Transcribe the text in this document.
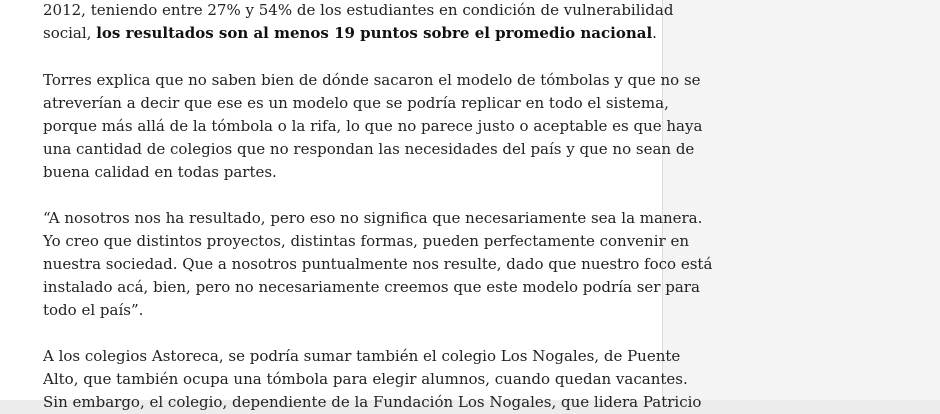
2012, teniendo entre 27% y 54% de los estudiantes en condición de vulnerabilidad
social, los resultados son al menos 19 puntos sobre el promedio nacional.

Torres explica que no saben bien de dónde sacaron el modelo de tómbolas y que no se
atreverían a decir que ese es un modelo que se podría replicar en todo el sistema,
porque más allá de la tómbola o la rifa, lo que no parece justo o aceptable es que haya
una cantidad de colegios que no respondan las necesidades del país y que no sean de
buena calidad en todas partes.

“A nosotros nos ha resultado, pero eso no significa que necesariamente sea la manera.
Yo creo que distintos proyectos, distintas formas, pueden perfectamente convenir en
nuestra sociedad. Que a nosotros puntualmente nos resulte, dado que nuestro foco está
instalado acá, bien, pero no necesariamente creemos que este modelo podría ser para
todo el país”.

A los colegios Astoreca, se podría sumar también el colegio Los Nogales, de Puente
Alto, que también ocupa una tómbola para elegir alumnos, cuando quedan vacantes.
Sin embargo, el colegio, dependiente de la Fundación Los Nogales, que lidera Patricio
